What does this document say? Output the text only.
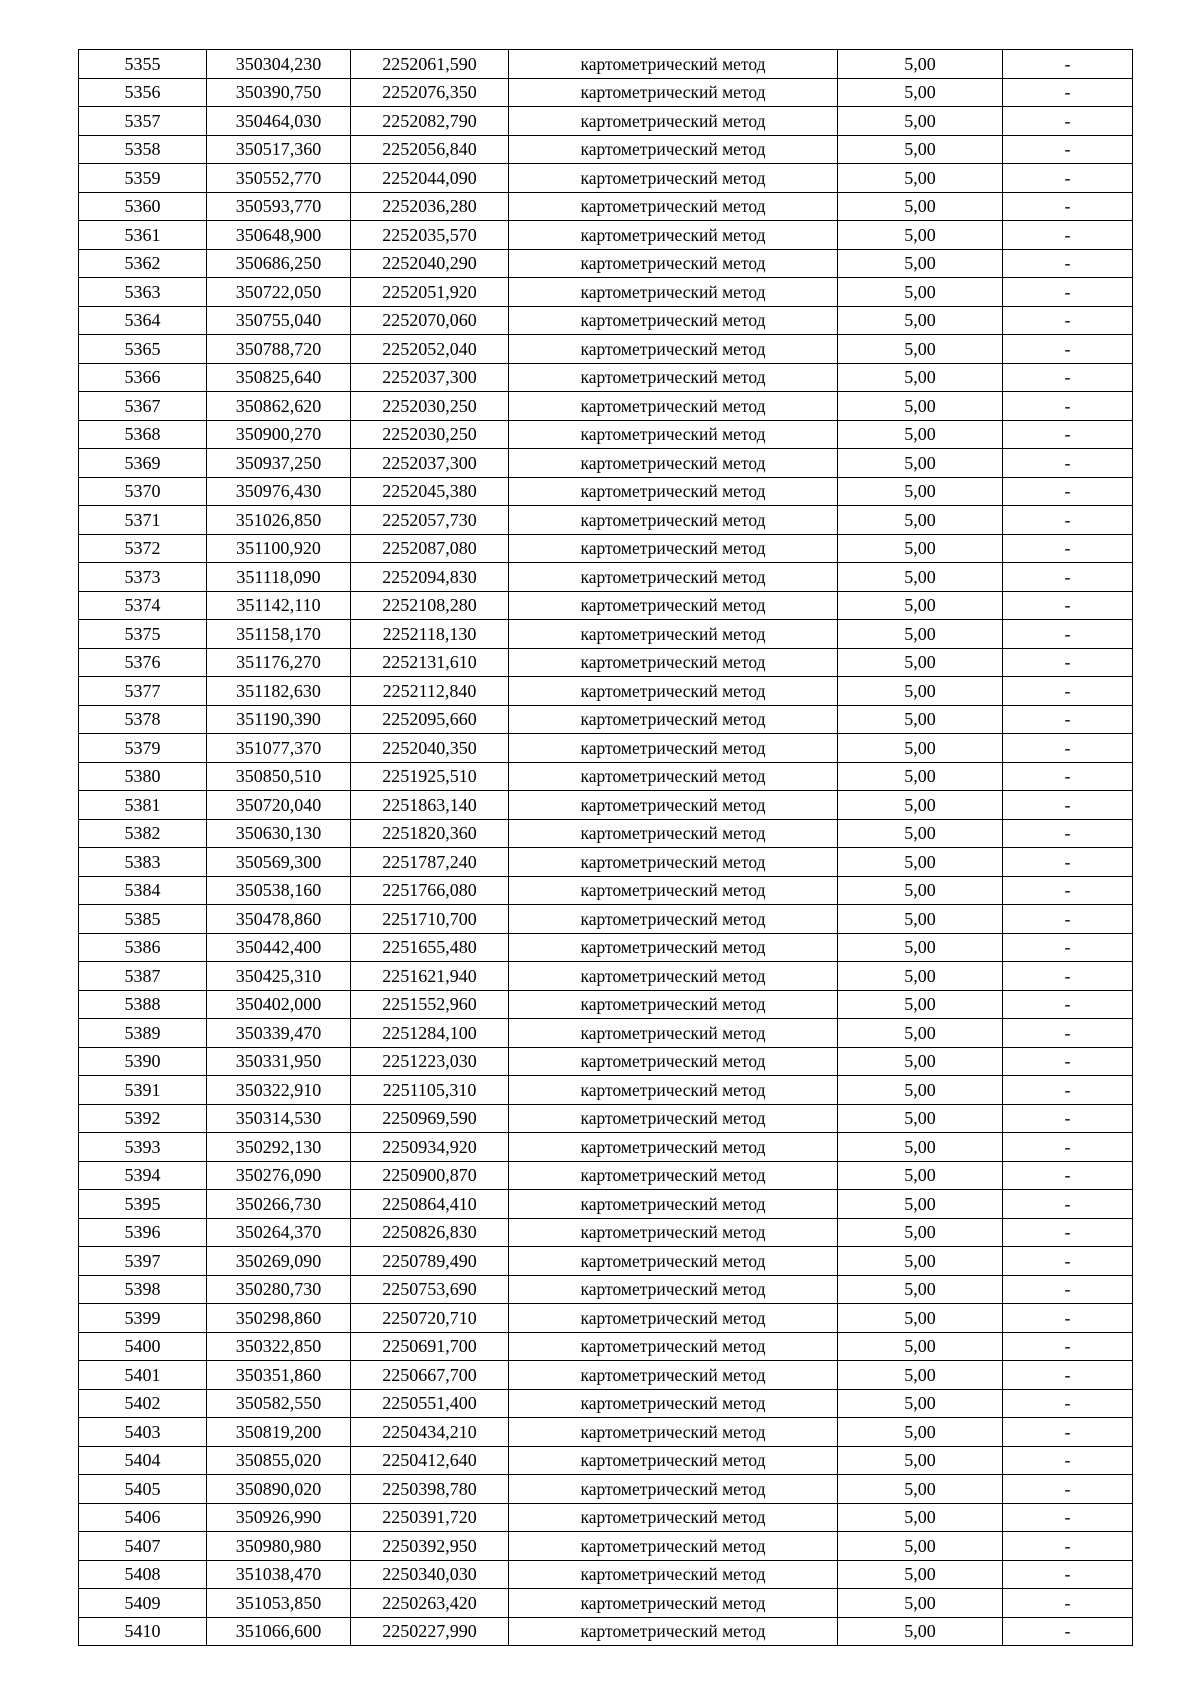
5355	350304,230	2252061,590	картометрический метод	5,00	-
5356	350390,750	2252076,350	картометрический метод	5,00	-
5357	350464,030	2252082,790	картометрический метод	5,00	-
5358	350517,360	2252056,840	картометрический метод	5,00	-
5359	350552,770	2252044,090	картометрический метод	5,00	-
5360	350593,770	2252036,280	картометрический метод	5,00	-
5361	350648,900	2252035,570	картометрический метод	5,00	-
5362	350686,250	2252040,290	картометрический метод	5,00	-
5363	350722,050	2252051,920	картометрический метод	5,00	-
5364	350755,040	2252070,060	картометрический метод	5,00	-
5365	350788,720	2252052,040	картометрический метод	5,00	-
5366	350825,640	2252037,300	картометрический метод	5,00	-
5367	350862,620	2252030,250	картометрический метод	5,00	-
5368	350900,270	2252030,250	картометрический метод	5,00	-
5369	350937,250	2252037,300	картометрический метод	5,00	-
5370	350976,430	2252045,380	картометрический метод	5,00	-
5371	351026,850	2252057,730	картометрический метод	5,00	-
5372	351100,920	2252087,080	картометрический метод	5,00	-
5373	351118,090	2252094,830	картометрический метод	5,00	-
5374	351142,110	2252108,280	картометрический метод	5,00	-
5375	351158,170	2252118,130	картометрический метод	5,00	-
5376	351176,270	2252131,610	картометрический метод	5,00	-
5377	351182,630	2252112,840	картометрический метод	5,00	-
5378	351190,390	2252095,660	картометрический метод	5,00	-
5379	351077,370	2252040,350	картометрический метод	5,00	-
5380	350850,510	2251925,510	картометрический метод	5,00	-
5381	350720,040	2251863,140	картометрический метод	5,00	-
5382	350630,130	2251820,360	картометрический метод	5,00	-
5383	350569,300	2251787,240	картометрический метод	5,00	-
5384	350538,160	2251766,080	картометрический метод	5,00	-
5385	350478,860	2251710,700	картометрический метод	5,00	-
5386	350442,400	2251655,480	картометрический метод	5,00	-
5387	350425,310	2251621,940	картометрический метод	5,00	-
5388	350402,000	2251552,960	картометрический метод	5,00	-
5389	350339,470	2251284,100	картометрический метод	5,00	-
5390	350331,950	2251223,030	картометрический метод	5,00	-
5391	350322,910	2251105,310	картометрический метод	5,00	-
5392	350314,530	2250969,590	картометрический метод	5,00	-
5393	350292,130	2250934,920	картометрический метод	5,00	-
5394	350276,090	2250900,870	картометрический метод	5,00	-
5395	350266,730	2250864,410	картометрический метод	5,00	-
5396	350264,370	2250826,830	картометрический метод	5,00	-
5397	350269,090	2250789,490	картометрический метод	5,00	-
5398	350280,730	2250753,690	картометрический метод	5,00	-
5399	350298,860	2250720,710	картометрический метод	5,00	-
5400	350322,850	2250691,700	картометрический метод	5,00	-
5401	350351,860	2250667,700	картометрический метод	5,00	-
5402	350582,550	2250551,400	картометрический метод	5,00	-
5403	350819,200	2250434,210	картометрический метод	5,00	-
5404	350855,020	2250412,640	картометрический метод	5,00	-
5405	350890,020	2250398,780	картометрический метод	5,00	-
5406	350926,990	2250391,720	картометрический метод	5,00	-
5407	350980,980	2250392,950	картометрический метод	5,00	-
5408	351038,470	2250340,030	картометрический метод	5,00	-
5409	351053,850	2250263,420	картометрический метод	5,00	-
5410	351066,600	2250227,990	картометрический метод	5,00	-
